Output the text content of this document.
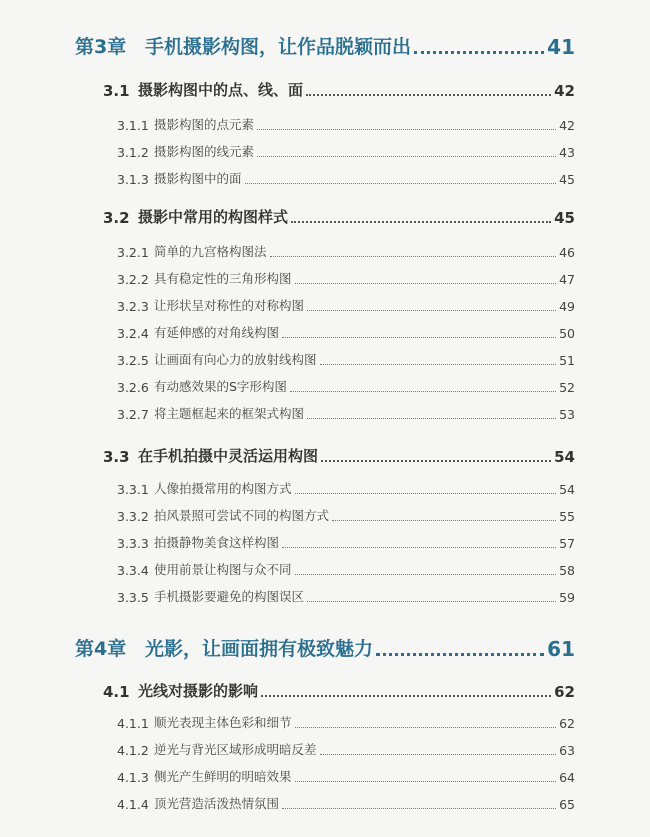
第3章 手机摄影构图，让作品脱颖而出	41
3.1 摄影构图中的点、线、面	42
3.1.1 摄影构图的点元素	42
3.1.2 摄影构图的线元素	43
3.1.3 摄影构图中的面	45
3.2 摄影中常用的构图样式	45
3.2.1 简单的九宫格构图法	46
3.2.2 具有稳定性的三角形构图	47
3.2.3 让形状呈对称性的对称构图	49
3.2.4 有延伸感的对角线构图	50
3.2.5 让画面有向心力的放射线构图	51
3.2.6 有动感效果的S字形构图	52
3.2.7 将主题框起来的框架式构图	53
3.3 在手机拍摄中灵活运用构图	54
3.3.1 人像拍摄常用的构图方式	54
3.3.2 拍风景照可尝试不同的构图方式	55
3.3.3 拍摄静物美食这样构图	57
3.3.4 使用前景让构图与众不同	58
3.3.5 手机摄影要避免的构图误区	59
第4章 光影，让画面拥有极致魅力	61
4.1 光线对摄影的影响	62
4.1.1 顺光表现主体色彩和细节	62
4.1.2 逆光与背光区域形成明暗反差	63
4.1.3 侧光产生鲜明的明暗效果	64
4.1.4 顶光营造活泼热情氛围	65
